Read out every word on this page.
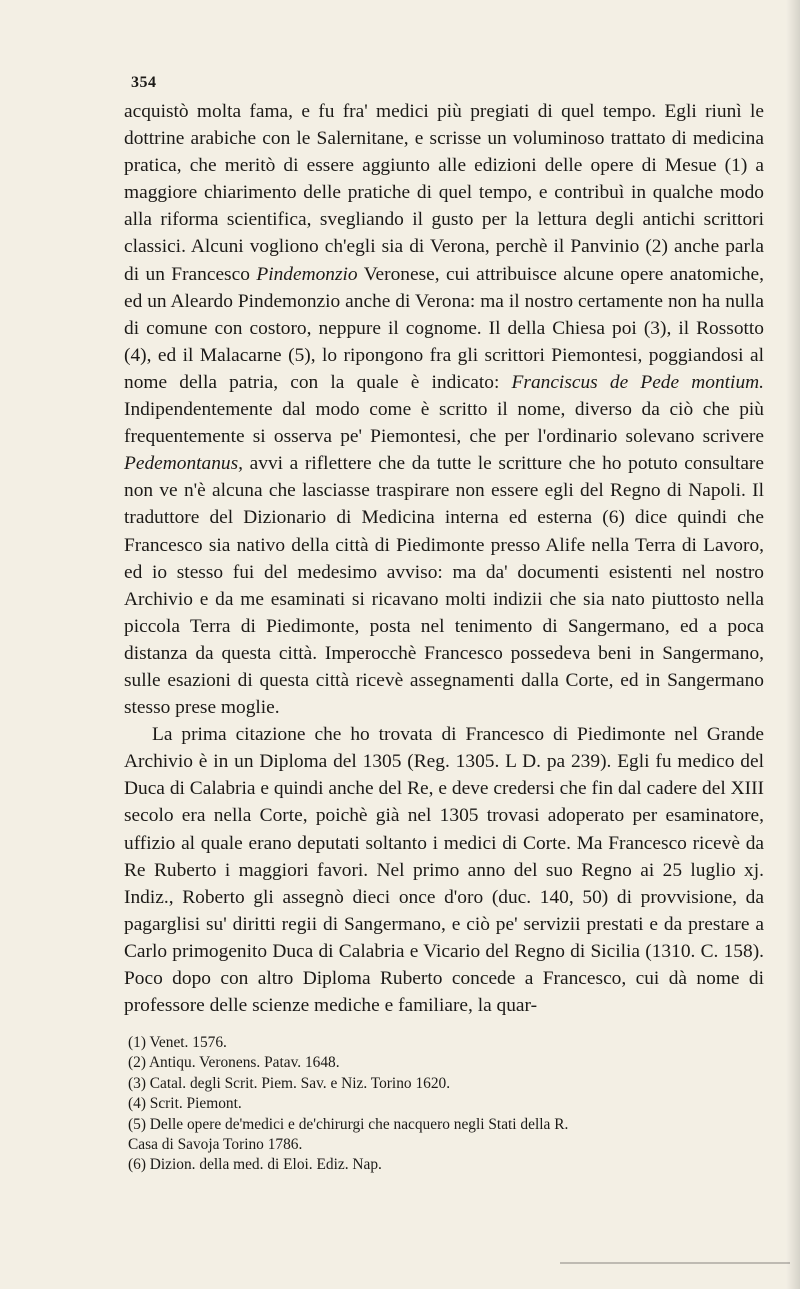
354

acquistò molta fama, e fu fra' medici più pregiati di quel tempo. Egli riunì le dottrine arabiche con le Salernitane, e scrisse un voluminoso trattato di medicina pratica, che meritò di essere aggiunto alle edizioni delle opere di Mesue (1) a maggiore chiarimento delle pratiche di quel tempo, e contribuì in qualche modo alla riforma scientifica, svegliando il gusto per la lettura degli antichi scrittori classici. Alcuni vogliono ch'egli sia di Verona, perchè il Panvinio (2) anche parla di un Francesco Pindemonzio Veronese, cui attribuisce alcune opere anatomiche, ed un Aleardo Pindemonzio anche di Verona: ma il nostro certamente non ha nulla di comune con costoro, neppure il cognome. Il della Chiesa poi (3), il Rossotto (4), ed il Malacarne (5), lo ripongono fra gli scrittori Piemontesi, poggiandosi al nome della patria, con la quale è indicato: Franciscus de Pede montium. Indipendentemente dal modo come è scritto il nome, diverso da ciò che più frequentemente si osserva pe' Piemontesi, che per l'ordinario solevano scrivere Pedemontanus, avvi a riflettere che da tutte le scritture che ho potuto consultare non ve n'è alcuna che lasciasse traspirare non essere egli del Regno di Napoli. Il traduttore del Dizionario di Medicina interna ed esterna (6) dice quindi che Francesco sia nativo della città di Piedimonte presso Alife nella Terra di Lavoro, ed io stesso fui del medesimo avviso: ma da' documenti esistenti nel nostro Archivio e da me esaminati si ricavano molti indizii che sia nato piuttosto nella piccola Terra di Piedimonte, posta nel tenimento di Sangermano, ed a poca distanza da questa città. Imperocchè Francesco possedeva beni in Sangermano, sulle esazioni di questa città ricevè assegnamenti dalla Corte, ed in Sangermano stesso prese moglie.

La prima citazione che ho trovata di Francesco di Piedimonte nel Grande Archivio è in un Diploma del 1305 (Reg. 1305. L D. pa 239). Egli fu medico del Duca di Calabria e quindi anche del Re, e deve credersi che fin dal cadere del XIII secolo era nella Corte, poichè già nel 1305 trovasi adoperato per esaminatore, uffizio al quale erano deputati soltanto i medici di Corte. Ma Francesco ricevè da Re Ruberto i maggiori favori. Nel primo anno del suo Regno ai 25 luglio xj. Indiz., Roberto gli assegnò dieci once d'oro (duc. 140, 50) di provvisione, da pagarglisi su' diritti regii di Sangermano, e ciò pe' servizii prestati e da prestare a Carlo primogenito Duca di Calabria e Vicario del Regno di Sicilia (1310. C. 158). Poco dopo con altro Diploma Ruberto concede a Francesco, cui dà nome di professore delle scienze mediche e familiare, la quar-

(1) Venet. 1576.
(2) Antiqu. Veronens. Patav. 1648.
(3) Catal. degli Scrit. Piem. Sav. e Niz. Torino 1620.
(4) Scrit. Piemont.
(5) Delle opere de'medici e de'chirurgi che nacquero negli Stati della R.
Casa di Savoja Torino 1786.
(6) Dizion. della med. di Eloi. Ediz. Nap.
